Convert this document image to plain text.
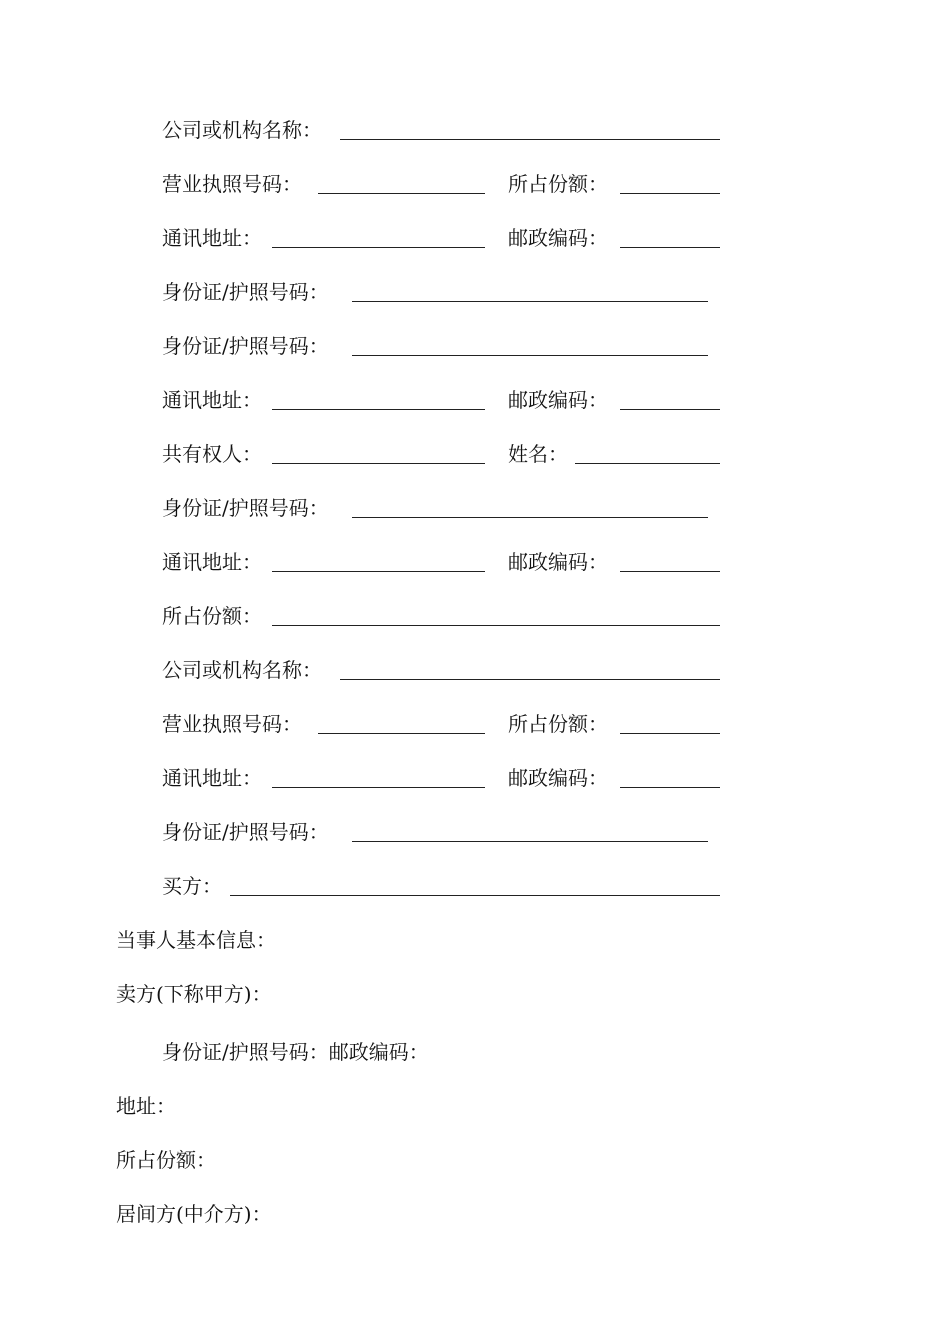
公司或机构名称：
营业执照号码：	所占份额：
通讯地址：	邮政编码：
身份证/护照号码：
身份证/护照号码：
通讯地址：	邮政编码：
共有权人：	姓名：
身份证/护照号码：
通讯地址：	邮政编码：
所占份额：
公司或机构名称：
营业执照号码：	所占份额：
通讯地址：	邮政编码：
身份证/护照号码：
买方：
当事人基本信息：
卖方(下称甲方)：
身份证/护照号码：邮政编码：
地址：
所占份额：
居间方(中介方)：
